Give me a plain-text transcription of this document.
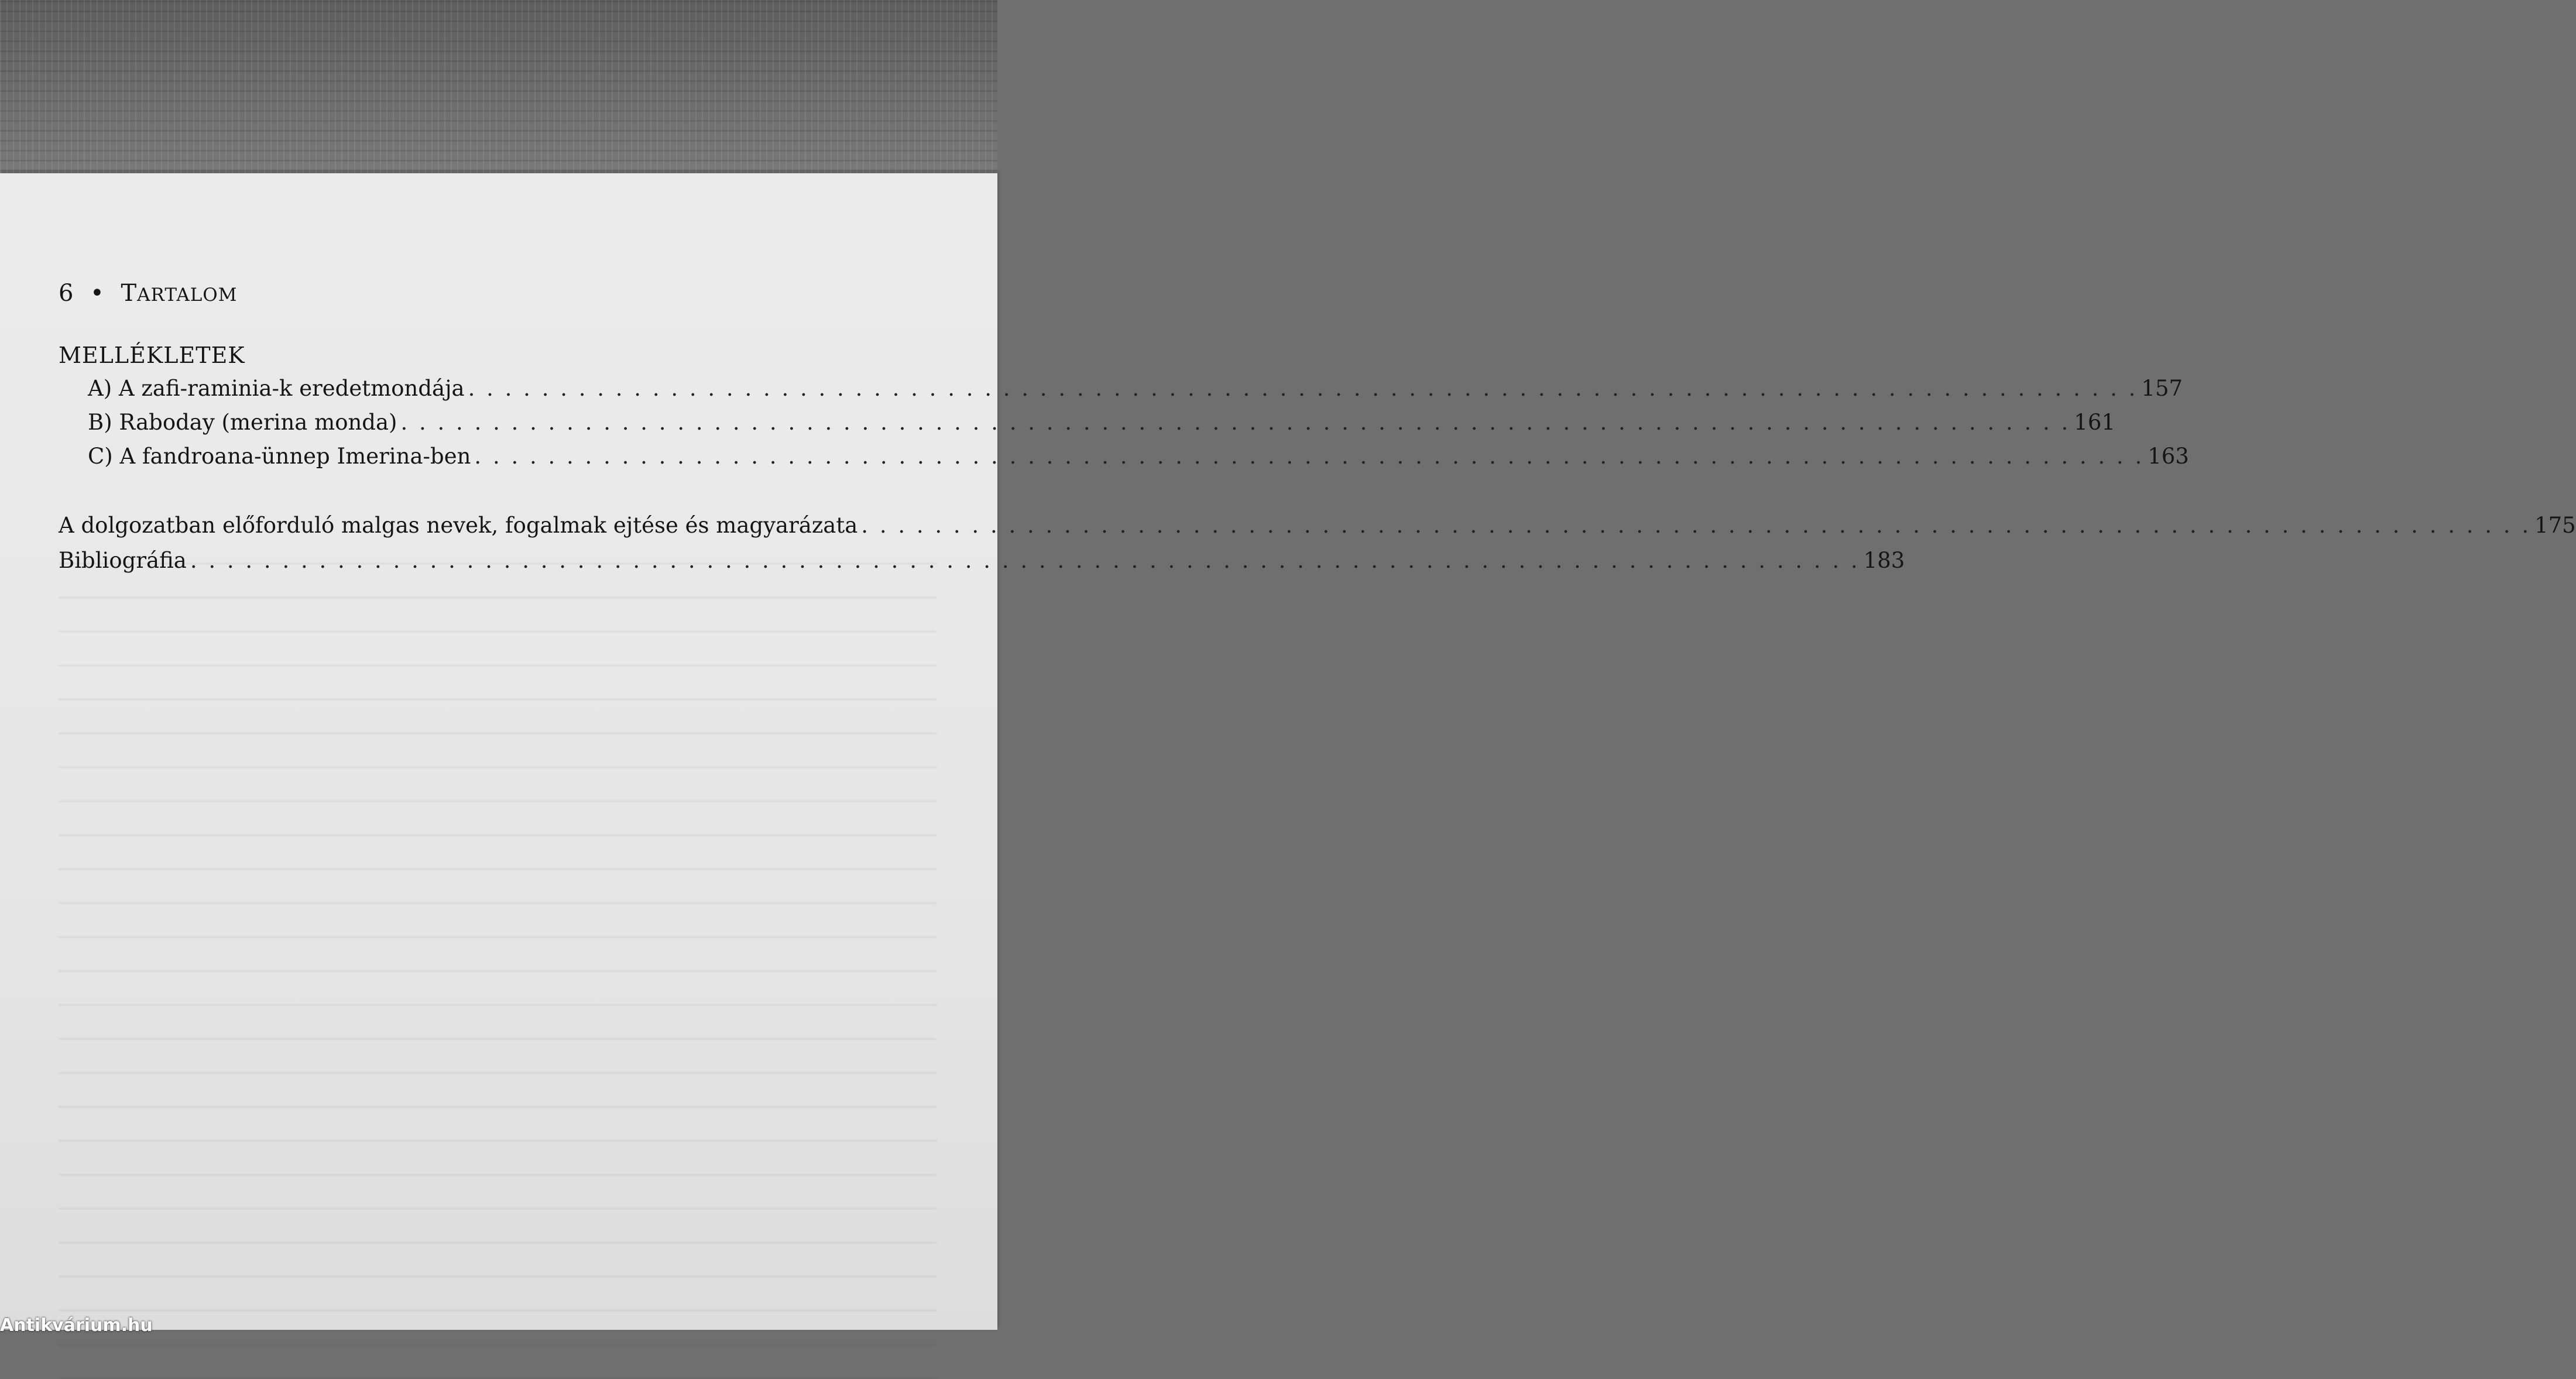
6 • TARTALOM
MELLÉKLETEK
A) A zafi-raminia-k eredetmondája . . . . . . . . . . . . . . . . . . . . . . . . . . . . . . . . . . . . . . . . . . . . . . . . . . . . . . . . . . . . . . . . . . . . . . . . . . . . . . . . . . . . . . . . . . . 157
B) Raboday (merina monda) . . . . . . . . . . . . . . . . . . . . . . . . . . . . . . . . . . . . . . . . . . . . . . . . . . . . . . . . . . . . . . . . . . . . . . . . . . . . . . . . . . . . . . . . . . . 161
C) A fandroana-ünnep Imerina-ben . . . . . . . . . . . . . . . . . . . . . . . . . . . . . . . . . . . . . . . . . . . . . . . . . . . . . . . . . . . . . . . . . . . . . . . . . . . . . . . . . . . . . . . . . . . 163
A dolgozatban előforduló malgas nevek, fogalmak ejtése és magyarázata . . . . . . . . . . . . . . . . . . . . . . . . . . . . . . . . . . . . . . . . . . . . . . . . . . . . . . . . . . . . . . . . . . . . . . . . . . . . . . . . . . . . . . . . . . . 175
Bibliográfia . . . . . . . . . . . . . . . . . . . . . . . . . . . . . . . . . . . . . . . . . . . . . . . . . . . . . . . . . . . . . . . . . . . . . . . . . . . . . . . . . . . . . . . . . . . 183
Antikvárium.hu
